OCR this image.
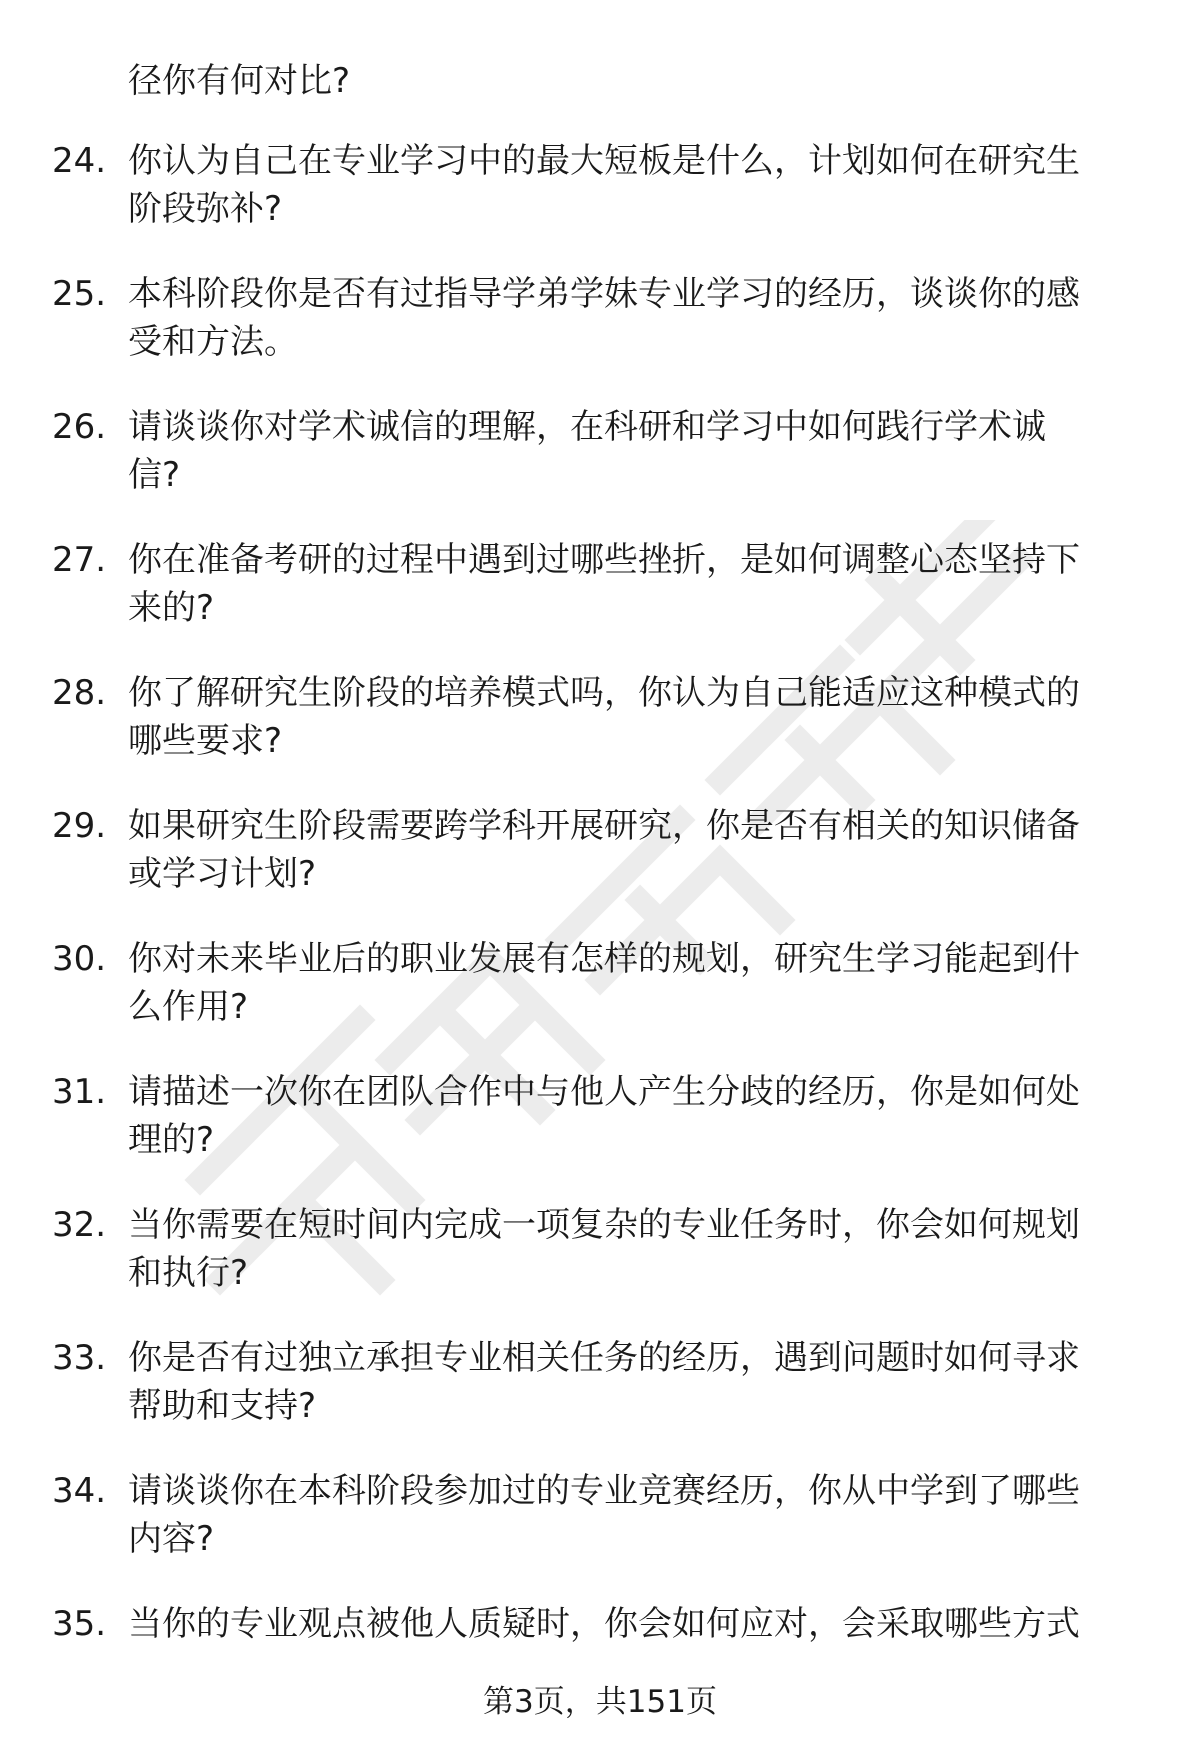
径你有何对比?
24. 你认为自己在专业学习中的最大短板是什么，计划如何在研究生
阶段弥补?
25. 本科阶段你是否有过指导学弟学妹专业学习的经历，谈谈你的感
受和方法。
26. 请谈谈你对学术诚信的理解，在科研和学习中如何践行学术诚
信?
27. 你在准备考研的过程中遇到过哪些挫折，是如何调整心态坚持下
来的?
28. 你了解研究生阶段的培养模式吗，你认为自己能适应这种模式的
哪些要求?
29. 如果研究生阶段需要跨学科开展研究，你是否有相关的知识储备
或学习计划?
30. 你对未来毕业后的职业发展有怎样的规划，研究生学习能起到什
么作用?
31. 请描述一次你在团队合作中与他人产生分歧的经历，你是如何处
理的?
32. 当你需要在短时间内完成一项复杂的专业任务时，你会如何规划
和执行?
33. 你是否有过独立承担专业相关任务的经历，遇到问题时如何寻求
帮助和支持?
34. 请谈谈你在本科阶段参加过的专业竞赛经历，你从中学到了哪些
内容?
35. 当你的专业观点被他人质疑时，你会如何应对，会采取哪些方式
第3页，共151页
